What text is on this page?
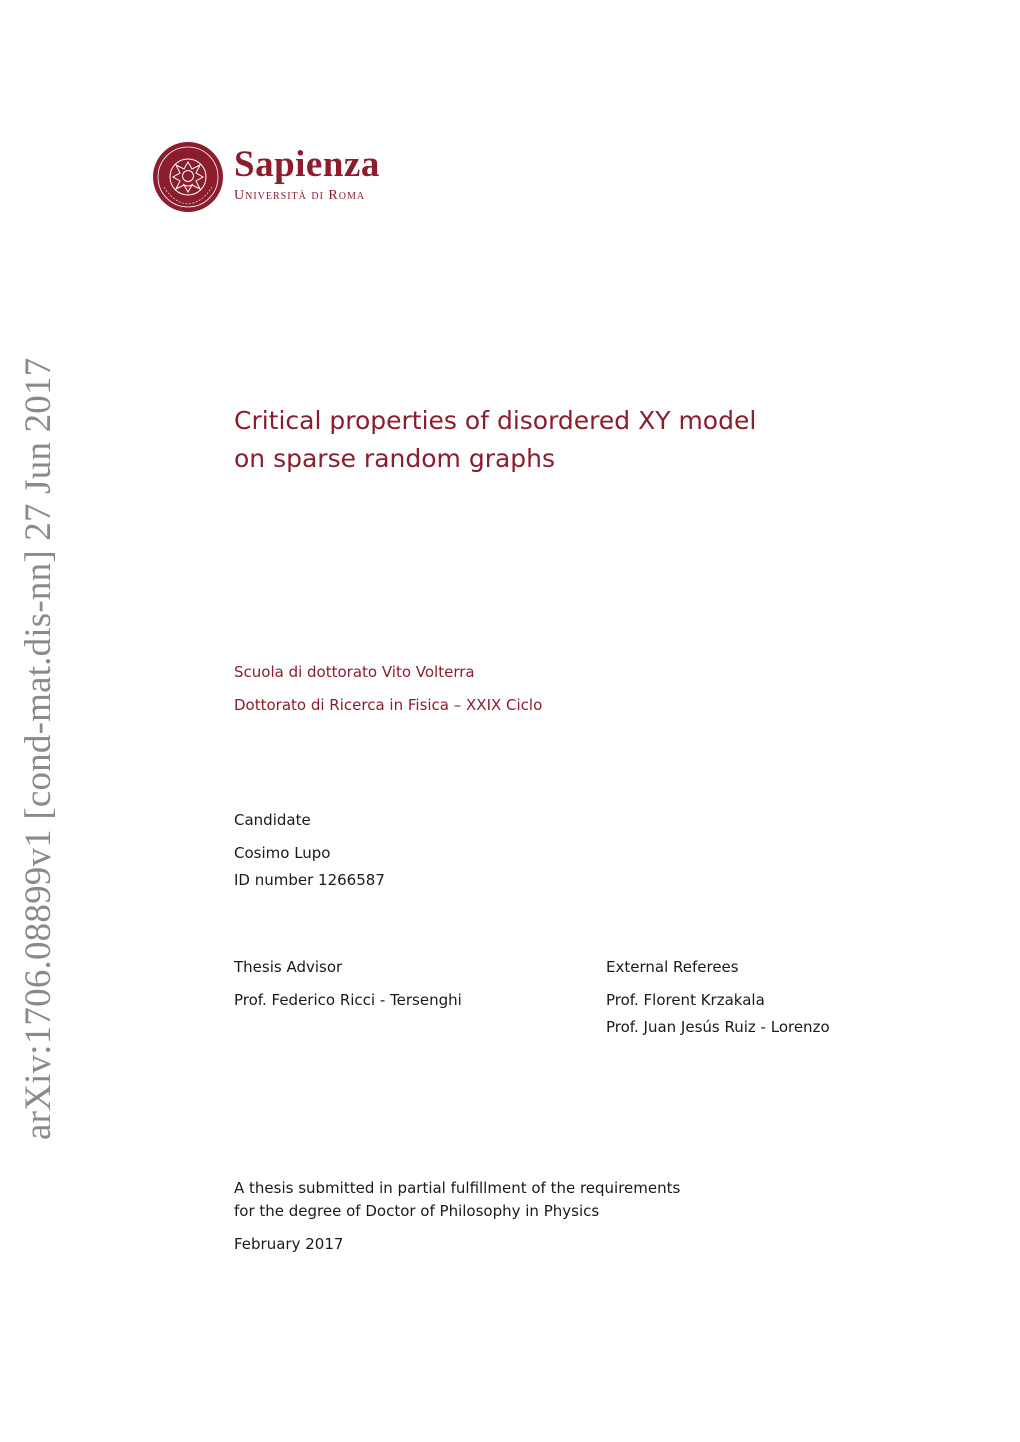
arXiv:1706.08899v1 [cond-mat.dis-nn] 27 Jun 2017
Sapienza
Università di Roma
Critical properties of disordered XY model
on sparse random graphs
Scuola di dottorato Vito Volterra
Dottorato di Ricerca in Fisica – XXIX Ciclo
Candidate
Cosimo Lupo
ID number 1266587
Thesis Advisor
Prof. Federico Ricci - Tersenghi
External Referees
Prof. Florent Krzakala
Prof. Juan Jesús Ruiz - Lorenzo
A thesis submitted in partial fulfillment of the requirements
for the degree of Doctor of Philosophy in Physics
February 2017
